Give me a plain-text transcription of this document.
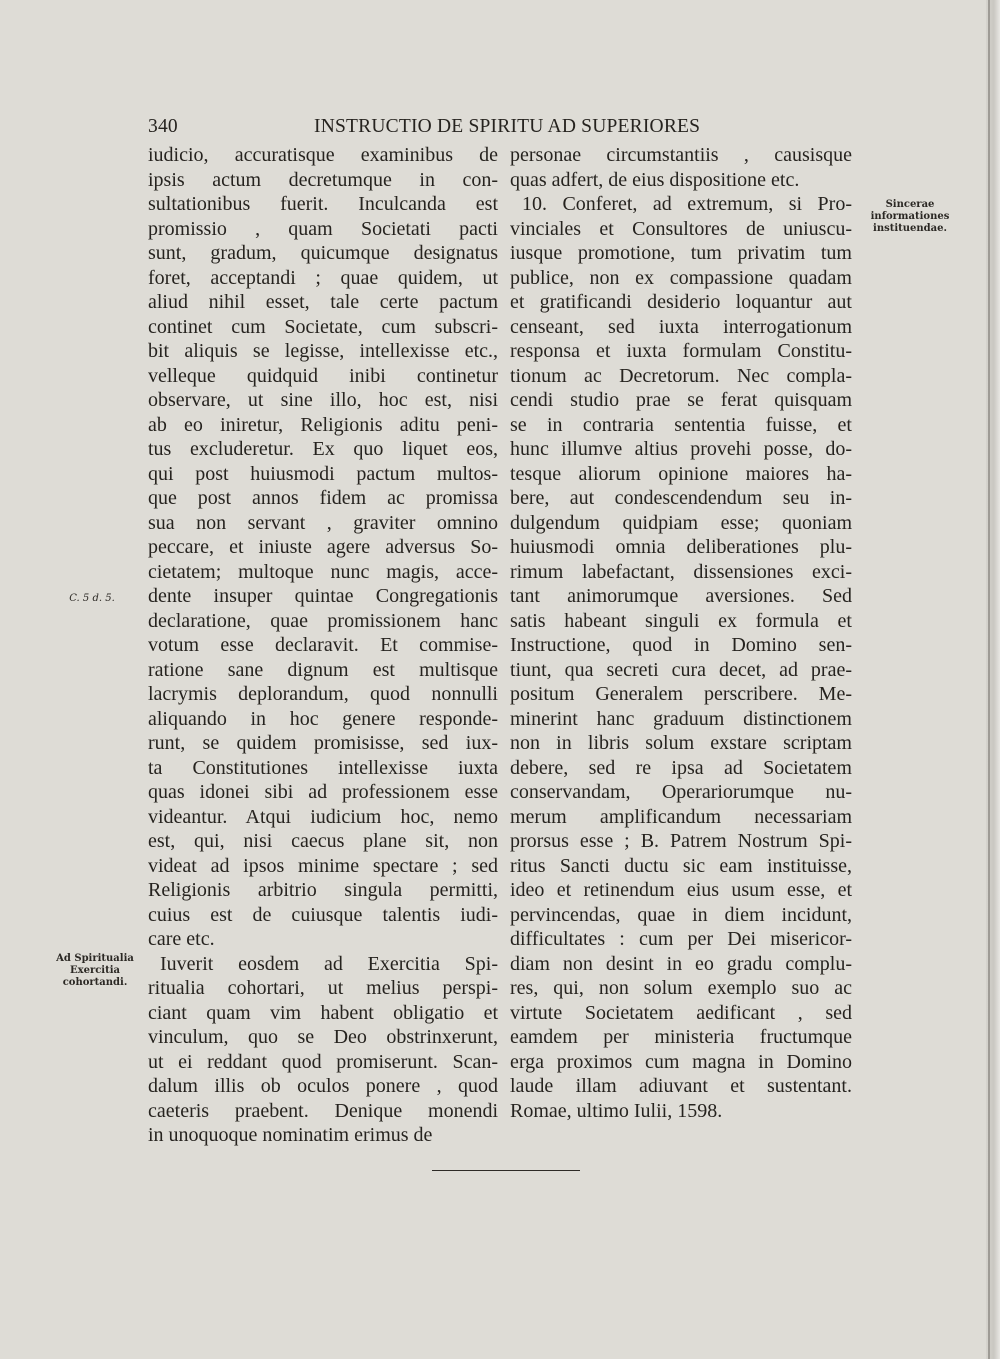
340	INSTRUCTIO DE SPIRITU AD SUPERIORES
Sincerae
informationes
instituendae.
C. 5 d. 5.
Ad Spiritualia
Exercitia
cohortandi.
iudicio, accuratisque examinibus de
ipsis actum decretumque in con-
sultationibus fuerit. Inculcanda est
promissio , quam Societati pacti
sunt, gradum, quicumque designatus
foret, acceptandi ; quae quidem, ut
aliud nihil esset, tale certe pactum
continet cum Societate, cum subscri-
bit aliquis se legisse, intellexisse etc.,
velleque quidquid inibi continetur
observare, ut sine illo, hoc est, nisi
ab eo iniretur, Religionis aditu peni-
tus excluderetur. Ex quo liquet eos,
qui post huiusmodi pactum multos-
que post annos fidem ac promissa
sua non servant , graviter omnino
peccare, et iniuste agere adversus So-
cietatem; multoque nunc magis, acce-
dente insuper quintae Congregationis
declaratione, quae promissionem hanc
votum esse declaravit. Et commise-
ratione sane dignum est multisque
lacrymis deplorandum, quod nonnulli
aliquando in hoc genere responde-
runt, se quidem promisisse, sed iux-
ta Constitutiones intellexisse iuxta
quas idonei sibi ad professionem esse
videantur. Atqui iudicium hoc, nemo
est, qui, nisi caecus plane sit, non
videat ad ipsos minime spectare ; sed
Religionis arbitrio singula permitti,
cuius est de cuiusque talentis iudi-
care etc.
Iuverit eosdem ad Exercitia Spi-
ritualia cohortari, ut melius perspi-
ciant quam vim habent obligatio et
vinculum, quo se Deo obstrinxerunt,
ut ei reddant quod promiserunt. Scan-
dalum illis ob oculos ponere , quod
caeteris praebent. Denique monendi
in unoquoque nominatim erimus de
personae circumstantiis , causisque
quas adfert, de eius dispositione etc.
10. Conferet, ad extremum, si Pro-
vinciales et Consultores de uniuscu-
iusque promotione, tum privatim tum
publice, non ex compassione quadam
et gratificandi desiderio loquantur aut
censeant, sed iuxta interrogationum
responsa et iuxta formulam Constitu-
tionum ac Decretorum. Nec compla-
cendi studio prae se ferat quisquam
se in contraria sententia fuisse, et
hunc illumve altius provehi posse, do-
tesque aliorum opinione maiores ha-
bere, aut condescendendum seu in-
dulgendum quidpiam esse; quoniam
huiusmodi omnia deliberationes plu-
rimum labefactant, dissensiones exci-
tant animorumque aversiones. Sed
satis habeant singuli ex formula et
Instructione, quod in Domino sen-
tiunt, qua secreti cura decet, ad prae-
positum Generalem perscribere. Me-
minerint hanc graduum distinctionem
non in libris solum exstare scriptam
debere, sed re ipsa ad Societatem
conservandam, Operariorumque nu-
merum amplificandum necessariam
prorsus esse ; B. Patrem Nostrum Spi-
ritus Sancti ductu sic eam instituisse,
ideo et retinendum eius usum esse, et
pervincendas, quae in diem incidunt,
difficultates : cum per Dei misericor-
diam non desint in eo gradu complu-
res, qui, non solum exemplo suo ac
virtute Societatem aedificant , sed
eamdem per ministeria fructumque
erga proximos cum magna in Domino
laude illam adiuvant et sustentant.
Romae, ultimo Iulii, 1598.
